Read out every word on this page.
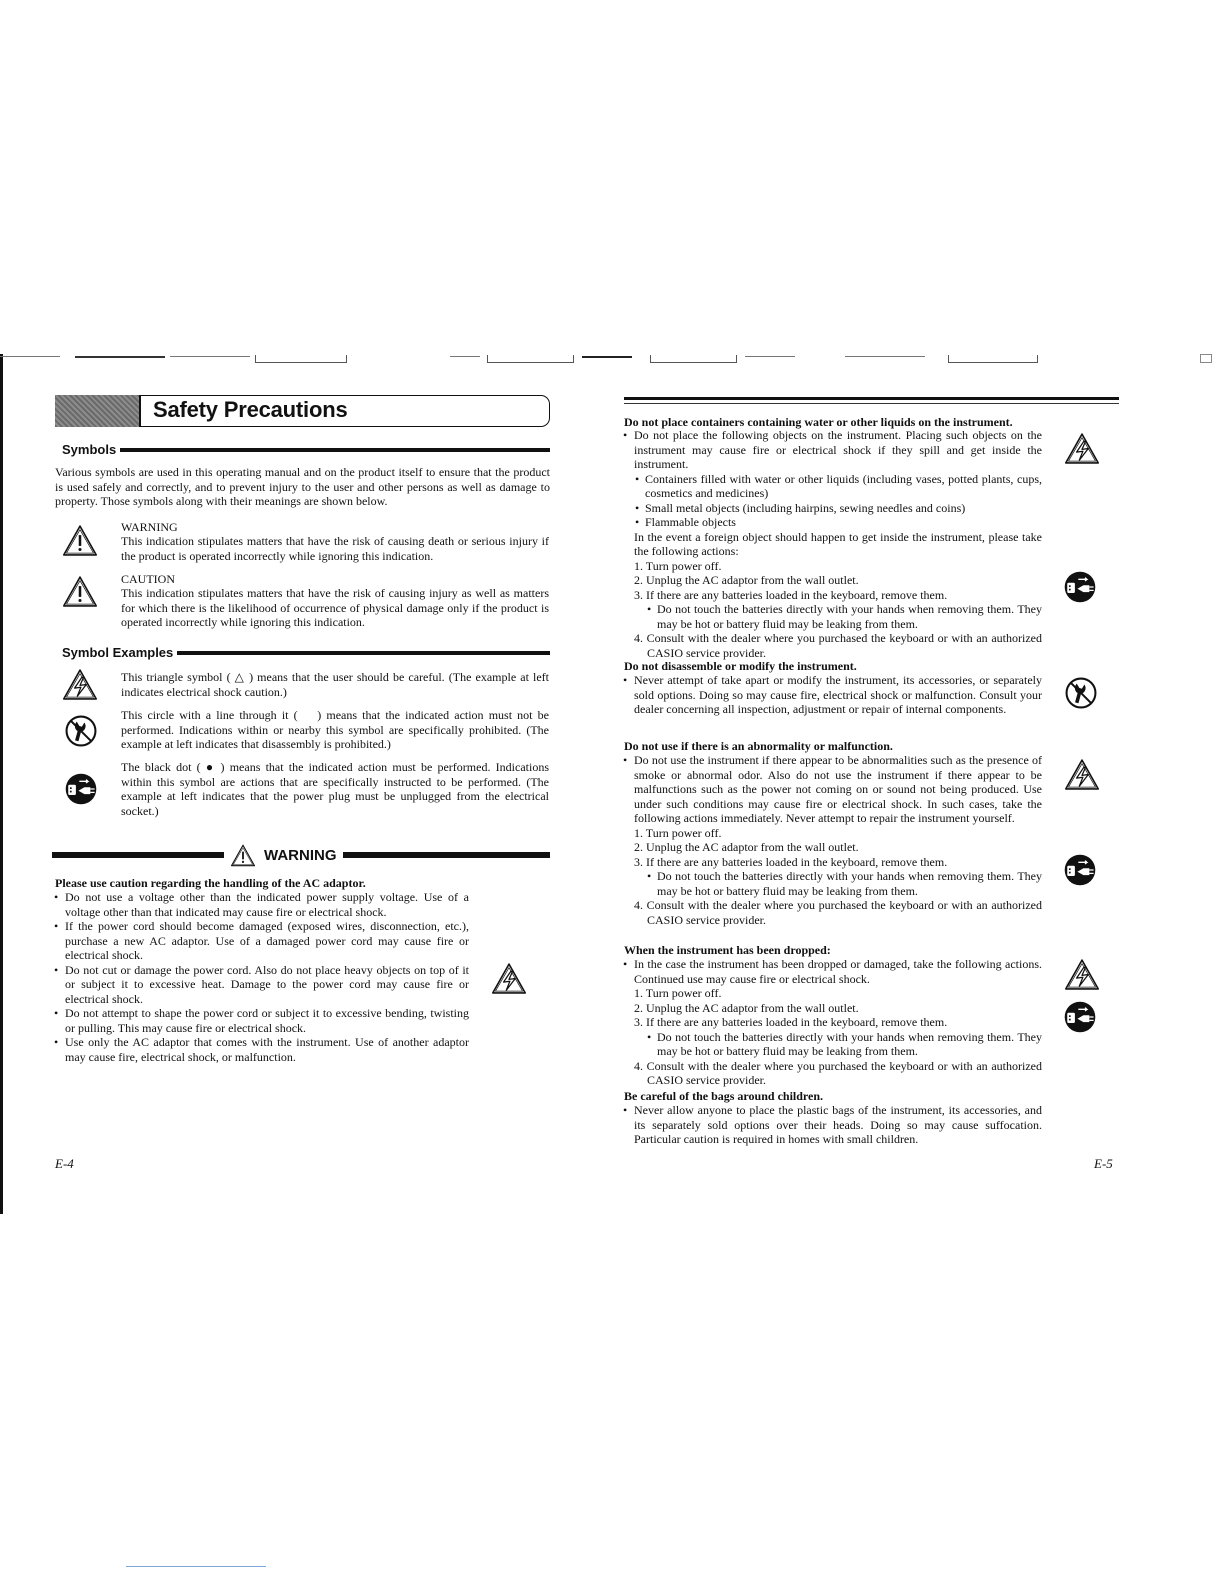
Safety Precautions
Symbols
Various symbols are used in this operating manual and on the product itself to ensure that the product is used safely and correctly, and to prevent injury to the user and other persons as well as damage to property. Those symbols along with their meanings are shown below.

WARNING

This indication stipulates matters that have the risk of causing death or serious injury if the product is operated incorrectly while ignoring this indication.

CAUTION

This indication stipulates matters that have the risk of causing injury as well as matters for which there is the likelihood of occurrence of physical damage only if the product is operated incorrectly while ignoring this indication.

Symbol Examples
This triangle symbol ( △ ) means that the user should be careful. (The example at left indicates electrical shock caution.)
This circle with a line through it ( ⃠ ) means that the indicated action must not be performed. Indications within or nearby this symbol are specifically prohibited. (The example at left indicates that disassembly is prohibited.)
The black dot ( ● ) means that the indicated action must be performed. Indications within this symbol are actions that are specifically instructed to be performed. (The example at left indicates that the power plug must be unplugged from the electrical socket.)
WARNING
Please use caution regarding the handling of the AC adaptor.
• Do not use a voltage other than the indicated power supply voltage. Use of a voltage other than that indicated may cause fire or electrical shock.
• If the power cord should become damaged (exposed wires, disconnection, etc.), purchase a new AC adaptor. Use of a damaged power cord may cause fire or electrical shock.
• Do not cut or damage the power cord. Also do not place heavy objects on top of it or subject it to excessive heat. Damage to the power cord may cause fire or electrical shock.
• Do not attempt to shape the power cord or subject it to excessive bending, twisting or pulling. This may cause fire or electrical shock.
• Use only the AC adaptor that comes with the instrument. Use of another adaptor may cause fire, electrical shock, or malfunction.
E-4
Do not place containers containing water or other liquids on the instrument.
• Do not place the following objects on the instrument. Placing such objects on the instrument may cause fire or electrical shock if they spill and get inside the instrument.
• Containers filled with water or other liquids (including vases, potted plants, cups, cosmetics and medicines)
• Small metal objects (including hairpins, sewing needles and coins)
• Flammable objects

In the event a foreign object should happen to get inside the instrument, please take the following actions:

1. Turn power off.
2. Unplug the AC adaptor from the wall outlet.
3. If there are any batteries loaded in the keyboard, remove them.
• Do not touch the batteries directly with your hands when removing them. They may be hot or battery fluid may be leaking from them.

4. Consult with the dealer where you purchased the keyboard or with an authorized CASIO service provider.

Do not disassemble or modify the instrument.
• Never attempt of take apart or modify the instrument, its accessories, or separately sold options. Doing so may cause fire, electrical shock or malfunction. Consult your dealer concerning all inspection, adjustment or repair of internal components.
Do not use if there is an abnormality or malfunction.
• Do not use the instrument if there appear to be abnormalities such as the presence of smoke or abnormal odor. Also do not use the instrument if there appear to be malfunctions such as the power not coming on or sound not being produced. Use under such conditions may cause fire or electrical shock. In such cases, take the following actions immediately. Never attempt to repair the instrument yourself.
1. Turn power off.
2. Unplug the AC adaptor from the wall outlet.
3. If there are any batteries loaded in the keyboard, remove them.
• Do not touch the batteries directly with your hands when removing them. They may be hot or battery fluid may be leaking from them.

4. Consult with the dealer where you purchased the keyboard or with an authorized CASIO service provider.

When the instrument has been dropped:
• In the case the instrument has been dropped or damaged, take the following actions. Continued use may cause fire or electrical shock.
1. Turn power off.
2. Unplug the AC adaptor from the wall outlet.
3. If there are any batteries loaded in the keyboard, remove them.
• Do not touch the batteries directly with your hands when removing them. They may be hot or battery fluid may be leaking from them.

4. Consult with the dealer where you purchased the keyboard or with an authorized CASIO service provider.

Be careful of the bags around children.
• Never allow anyone to place the plastic bags of the instrument, its accessories, and its separately sold options over their heads. Doing so may cause suffocation. Particular caution is required in homes with small children.
E-5
